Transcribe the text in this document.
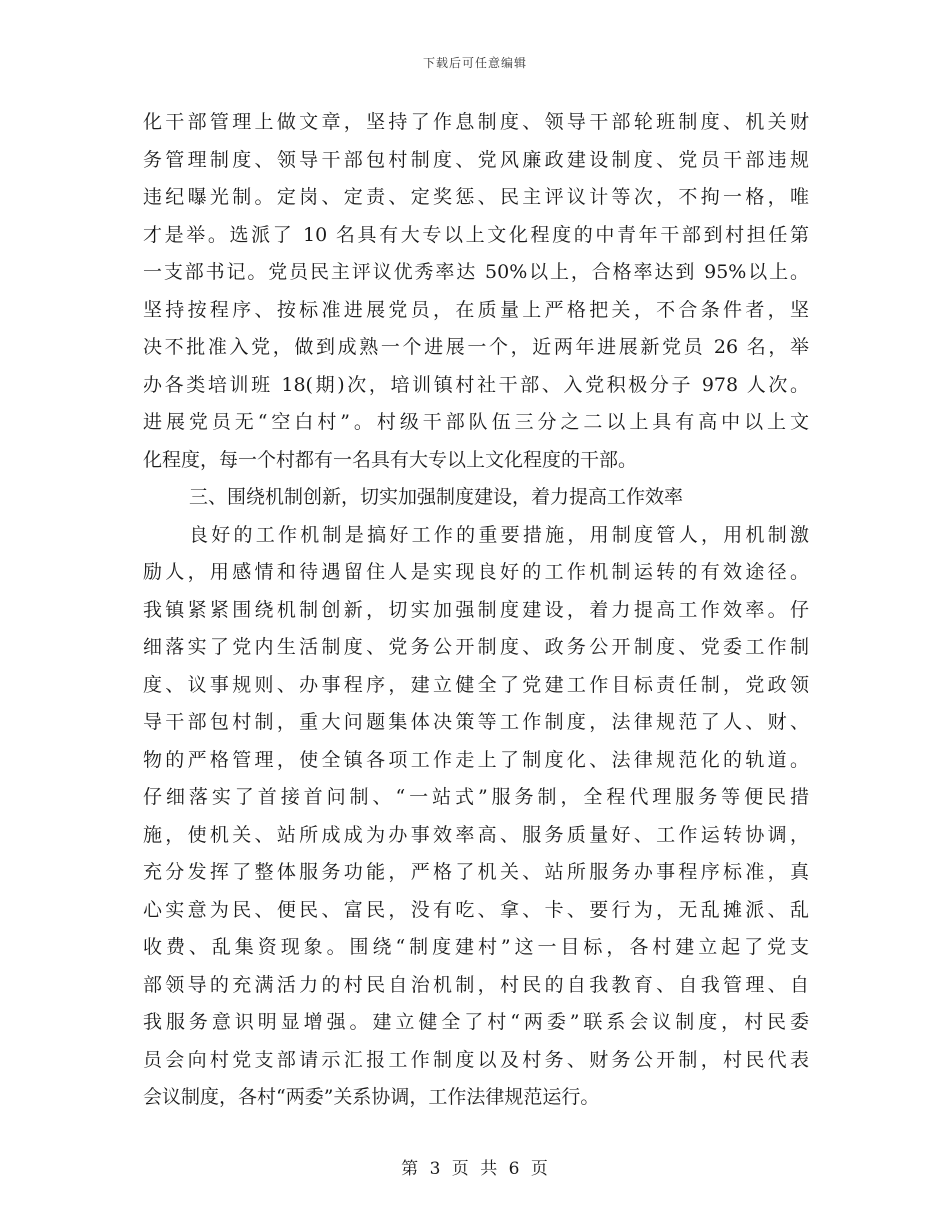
下载后可任意编辑
化干部管理上做文章，坚持了作息制度、领导干部轮班制度、机关财
务管理制度、领导干部包村制度、党风廉政建设制度、党员干部违规
违纪曝光制。定岗、定责、定奖惩、民主评议计等次，不拘一格，唯
才是举。选派了 10 名具有大专以上文化程度的中青年干部到村担任第
一支部书记。党员民主评议优秀率达 50%以上，合格率达到 95%以上。
坚持按程序、按标准进展党员，在质量上严格把关，不合条件者，坚
决不批准入党，做到成熟一个进展一个，近两年进展新党员 26 名，举
办各类培训班 18(期)次，培训镇村社干部、入党积极分子 978 人次。
进展党员无“空白村”。村级干部队伍三分之二以上具有高中以上文
化程度，每一个村都有一名具有大专以上文化程度的干部。
三、围绕机制创新，切实加强制度建设，着力提高工作效率
良好的工作机制是搞好工作的重要措施，用制度管人，用机制激
励人，用感情和待遇留住人是实现良好的工作机制运转的有效途径。
我镇紧紧围绕机制创新，切实加强制度建设，着力提高工作效率。仔
细落实了党内生活制度、党务公开制度、政务公开制度、党委工作制
度、议事规则、办事程序，建立健全了党建工作目标责任制，党政领
导干部包村制，重大问题集体决策等工作制度，法律规范了人、财、
物的严格管理，使全镇各项工作走上了制度化、法律规范化的轨道。
仔细落实了首接首问制、“一站式”服务制，全程代理服务等便民措
施，使机关、站所成成为办事效率高、服务质量好、工作运转协调，
充分发挥了整体服务功能，严格了机关、站所服务办事程序标准，真
心实意为民、便民、富民，没有吃、拿、卡、要行为，无乱摊派、乱
收费、乱集资现象。围绕“制度建村”这一目标，各村建立起了党支
部领导的充满活力的村民自治机制，村民的自我教育、自我管理、自
我服务意识明显增强。建立健全了村“两委”联系会议制度，村民委
员会向村党支部请示汇报工作制度以及村务、财务公开制，村民代表
会议制度，各村“两委”关系协调，工作法律规范运行。
第 3 页 共 6 页
